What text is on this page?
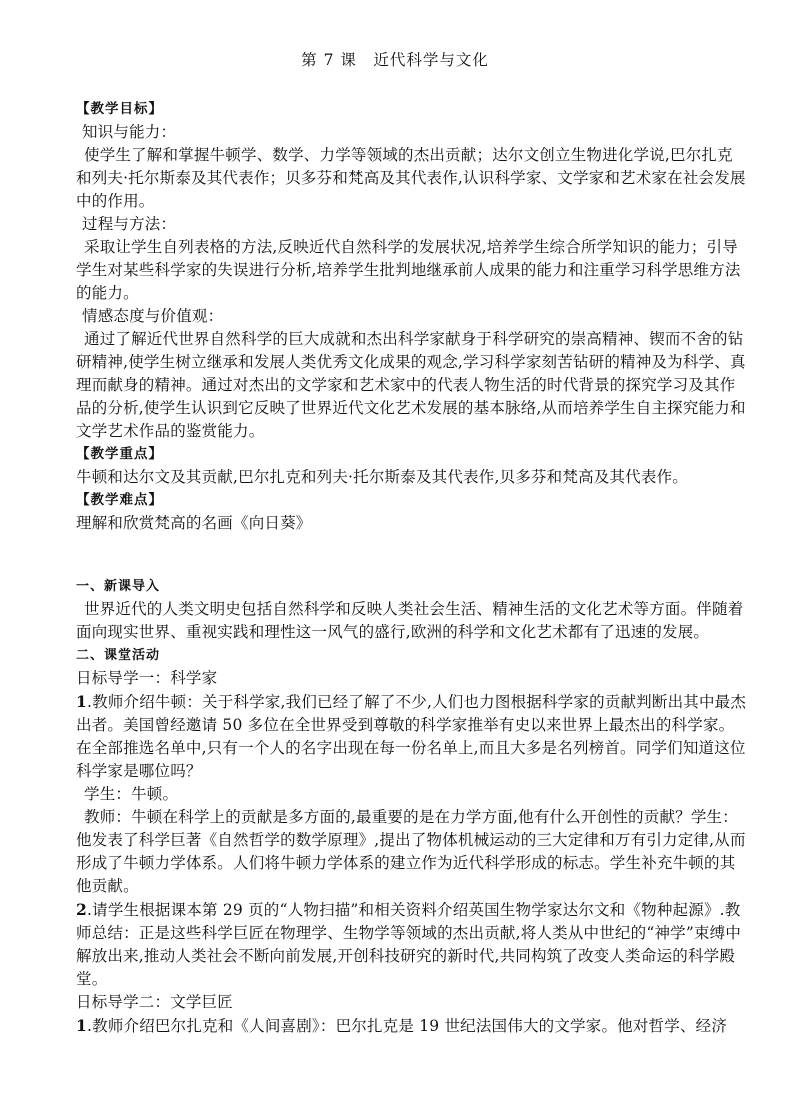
第 7 课　近代科学与文化

【教学目标】

知识与能力：

使学生了解和掌握牛顿学、数学、力学等领域的杰出贡献；达尔文创立生物进化学说,巴尔扎克和列夫·托尔斯泰及其代表作；贝多芬和梵高及其代表作,认识科学家、文学家和艺术家在社会发展中的作用。

过程与方法：

采取让学生自列表格的方法,反映近代自然科学的发展状况,培养学生综合所学知识的能力；引导学生对某些科学家的失误进行分析,培养学生批判地继承前人成果的能力和注重学习科学思维方法的能力。

情感态度与价值观：

通过了解近代世界自然科学的巨大成就和杰出科学家献身于科学研究的崇高精神、锲而不舍的钻研精神,使学生树立继承和发展人类优秀文化成果的观念,学习科学家刻苦钻研的精神及为科学、真理而献身的精神。通过对杰出的文学家和艺术家中的代表人物生活的时代背景的探究学习及其作品的分析,使学生认识到它反映了世界近代文化艺术发展的基本脉络,从而培养学生自主探究能力和文学艺术作品的鉴赏能力。

【教学重点】

牛顿和达尔文及其贡献,巴尔扎克和列夫·托尔斯泰及其代表作,贝多芬和梵高及其代表作。

【教学难点】

理解和欣赏梵高的名画《向日葵》

一、新课导入

世界近代的人类文明史包括自然科学和反映人类社会生活、精神生活的文化艺术等方面。伴随着面向现实世界、重视实践和理性这一风气的盛行,欧洲的科学和文化艺术都有了迅速的发展。

二、课堂活动

日标导学一：科学家

1.教师介绍牛顿：关于科学家,我们已经了解了不少,人们也力图根据科学家的贡献判断出其中最杰出者。美国曾经邀请 50 多位在全世界受到尊敬的科学家推举有史以来世界上最杰出的科学家。在全部推选名单中,只有一个人的名字出现在每一份名单上,而且大多是名列榜首。同学们知道这位科学家是哪位吗？

学生：牛顿。

教师：牛顿在科学上的贡献是多方面的,最重要的是在力学方面,他有什么开创性的贡献？学生：他发表了科学巨著《自然哲学的数学原理》,提出了物体机械运动的三大定律和万有引力定律,从而形成了牛顿力学体系。人们将牛顿力学体系的建立作为近代科学形成的标志。学生补充牛顿的其他贡献。

2.请学生根据课本第 29 页的“人物扫描”和相关资料介绍英国生物学家达尔文和《物种起源》.教师总结：正是这些科学巨匠在物理学、生物学等领域的杰出贡献,将人类从中世纪的“神学”束缚中解放出来,推动人类社会不断向前发展,开创科技研究的新时代,共同构筑了改变人类命运的科学殿堂。

日标导学二：文学巨匠

1.教师介绍巴尔扎克和《人间喜剧》：巴尔扎克是 19 世纪法国伟大的文学家。他对哲学、经济
